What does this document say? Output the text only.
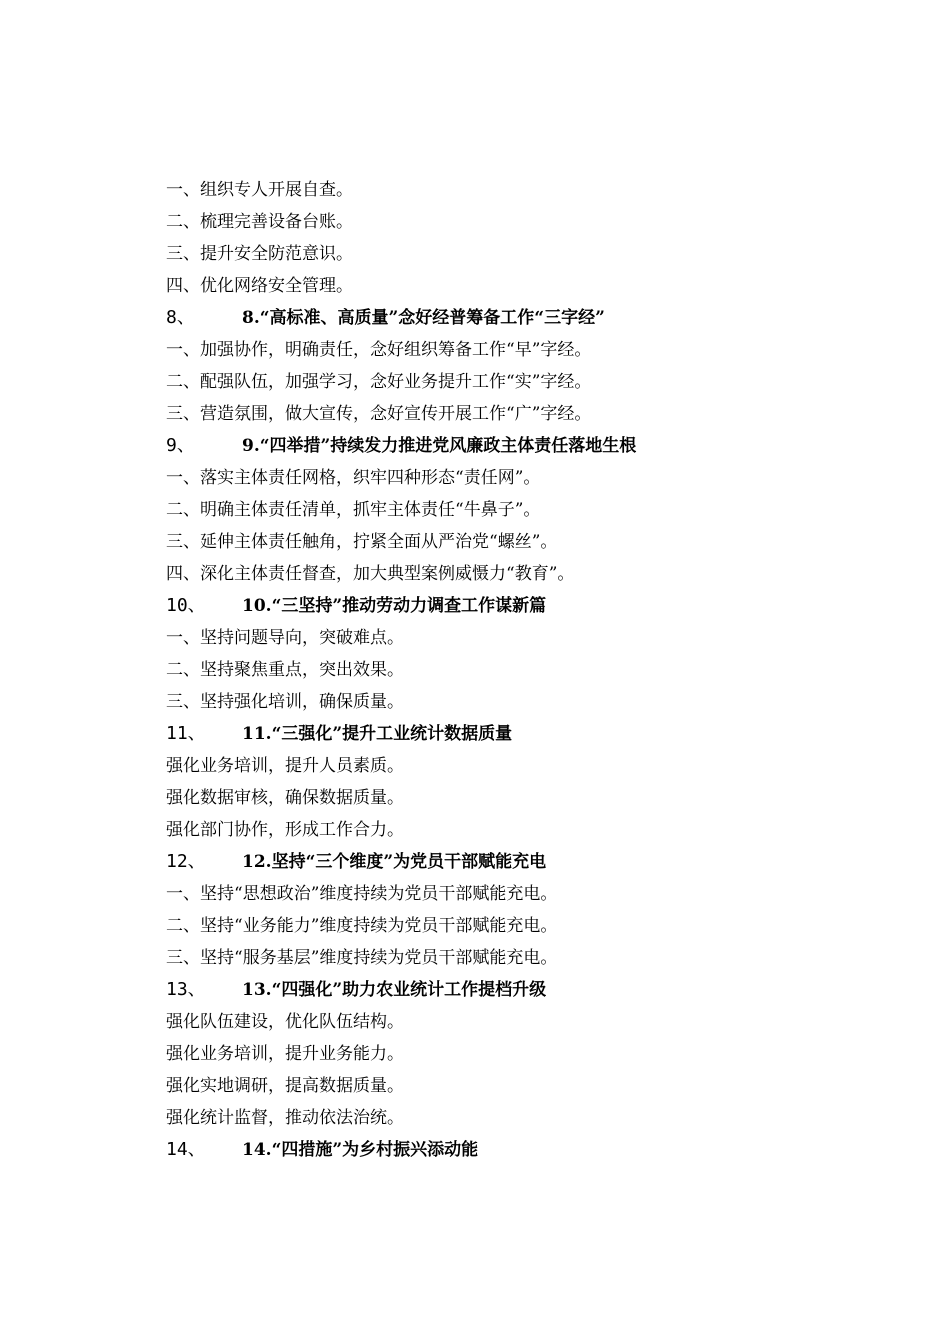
一、组织专人开展自查。
二、梳理完善设备台账。
三、提升安全防范意识。
四、优化网络安全管理。
8、	8.“高标准、高质量”念好经普筹备工作“三字经”
一、加强协作，明确责任，念好组织筹备工作“早”字经。
二、配强队伍，加强学习，念好业务提升工作“实”字经。
三、营造氛围，做大宣传，念好宣传开展工作“广”字经。
9、	9.“四举措”持续发力推进党风廉政主体责任落地生根
一、落实主体责任网格，织牢四种形态“责任网”。
二、明确主体责任清单，抓牢主体责任“牛鼻子”。
三、延伸主体责任触角，拧紧全面从严治党“螺丝”。
四、深化主体责任督查，加大典型案例威慑力“教育”。
10、	10.“三坚持”推动劳动力调查工作谋新篇
一、坚持问题导向，突破难点。
二、坚持聚焦重点，突出效果。
三、坚持强化培训，确保质量。
11、	11.“三强化”提升工业统计数据质量
强化业务培训，提升人员素质。
强化数据审核，确保数据质量。
强化部门协作，形成工作合力。
12、	12.坚持“三个维度”为党员干部赋能充电
一、坚持“思想政治”维度持续为党员干部赋能充电。
二、坚持“业务能力”维度持续为党员干部赋能充电。
三、坚持“服务基层”维度持续为党员干部赋能充电。
13、	13.“四强化”助力农业统计工作提档升级
强化队伍建设，优化队伍结构。
强化业务培训，提升业务能力。
强化实地调研，提高数据质量。
强化统计监督，推动依法治统。
14、	14.“四措施”为乡村振兴添动能
